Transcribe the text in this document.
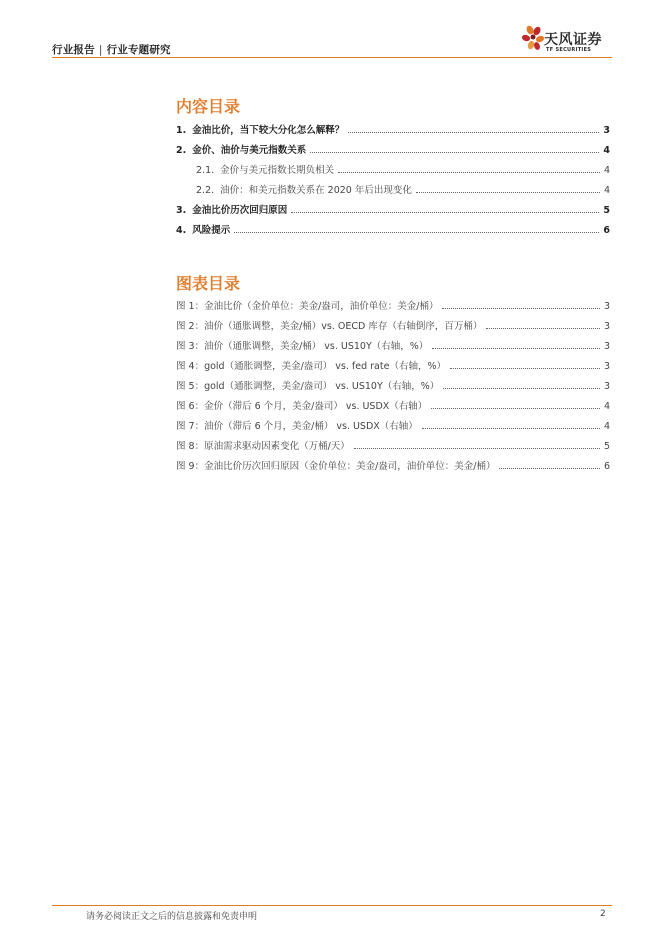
行业报告 | 行业专题研究
天风证券
TF SECURITIES
内容目录
1. 金油比价，当下较大分化怎么解释？	3
2. 金价、油价与美元指数关系	4
2.1. 金价与美元指数长期负相关	4
2.2. 油价：和美元指数关系在 2020 年后出现变化	4
3. 金油比价历次回归原因	5
4. 风险提示	6
图表目录
图 1：金油比价（金价单位：美金/盎司，油价单位：美金/桶）	3
图 2：油价（通胀调整，美金/桶）vs. OECD 库存（右轴倒序，百万桶）	3
图 3：油价（通胀调整，美金/桶） vs. US10Y（右轴，%）	3
图 4：gold（通胀调整，美金/盎司） vs. fed rate（右轴，%）	3
图 5：gold（通胀调整，美金/盎司） vs. US10Y（右轴，%）	3
图 6：金价（滞后 6 个月，美金/盎司） vs. USDX（右轴）	4
图 7：油价（滞后 6 个月，美金/桶） vs. USDX（右轴）	4
图 8：原油需求驱动因素变化（万桶/天）	5
图 9：金油比价历次回归原因（金价单位：美金/盎司，油价单位：美金/桶）	6
请务必阅读正文之后的信息披露和免责申明	2
